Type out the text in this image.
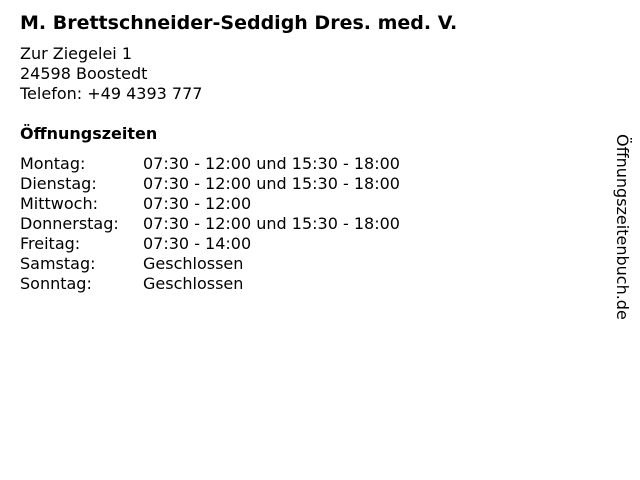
M. Brettschneider-Seddigh Dres. med. V.
Zur Ziegelei 1
24598 Boostedt
Telefon: +49 4393 777
Öffnungszeiten
Montag:	07:30 - 12:00 und 15:30 - 18:00
Dienstag:	07:30 - 12:00 und 15:30 - 18:00
Mittwoch:	07:30 - 12:00
Donnerstag:	07:30 - 12:00 und 15:30 - 18:00
Freitag:	07:30 - 14:00
Samstag:	Geschlossen
Sonntag:	Geschlossen	Öffnungszeitenbuch.de
